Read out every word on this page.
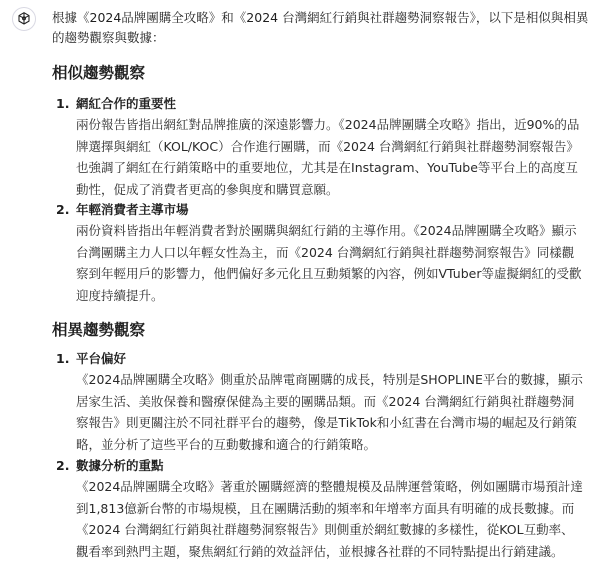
根據《2024品牌團購全攻略》和《2024 台灣網紅行銷與社群趨勢洞察報告》，以下是相似與相異的趨勢觀察與數據：

相似趨勢觀察
1. 網紅合作的重要性
兩份報告皆指出網紅對品牌推廣的深遠影響力。《2024品牌團購全攻略》指出，近90%的品牌選擇與網紅（KOL/KOC）合作進行團購，而《2024 台灣網紅行銷與社群趨勢洞察報告》也強調了網紅在行銷策略中的重要地位，尤其是在Instagram、YouTube等平台上的高度互動性，促成了消費者更高的參與度和購買意願。
2. 年輕消費者主導市場
兩份資料皆指出年輕消費者對於團購與網紅行銷的主導作用。《2024品牌團購全攻略》顯示台灣團購主力人口以年輕女性為主，而《2024 台灣網紅行銷與社群趨勢洞察報告》同樣觀察到年輕用戶的影響力，他們偏好多元化且互動頻繁的內容，例如VTuber等虛擬網紅的受歡迎度持續提升。
相異趨勢觀察
1. 平台偏好
《2024品牌團購全攻略》側重於品牌電商團購的成長，特別是SHOPLINE平台的數據，顯示居家生活、美妝保養和醫療保健為主要的團購品類。而《2024 台灣網紅行銷與社群趨勢洞察報告》則更關注於不同社群平台的趨勢，像是TikTok和小紅書在台灣市場的崛起及行銷策略，並分析了這些平台的互動數據和適合的行銷策略。
2. 數據分析的重點
《2024品牌團購全攻略》著重於團購經濟的整體規模及品牌運營策略，例如團購市場預計達到1,813億新台幣的市場規模，且在團購活動的頻率和年增率方面具有明確的成長數據。而《2024 台灣網紅行銷與社群趨勢洞察報告》則側重於網紅數據的多樣性，從KOL互動率、觀看率到熱門主題，聚焦網紅行銷的效益評估，並根據各社群的不同特點提出行銷建議。
